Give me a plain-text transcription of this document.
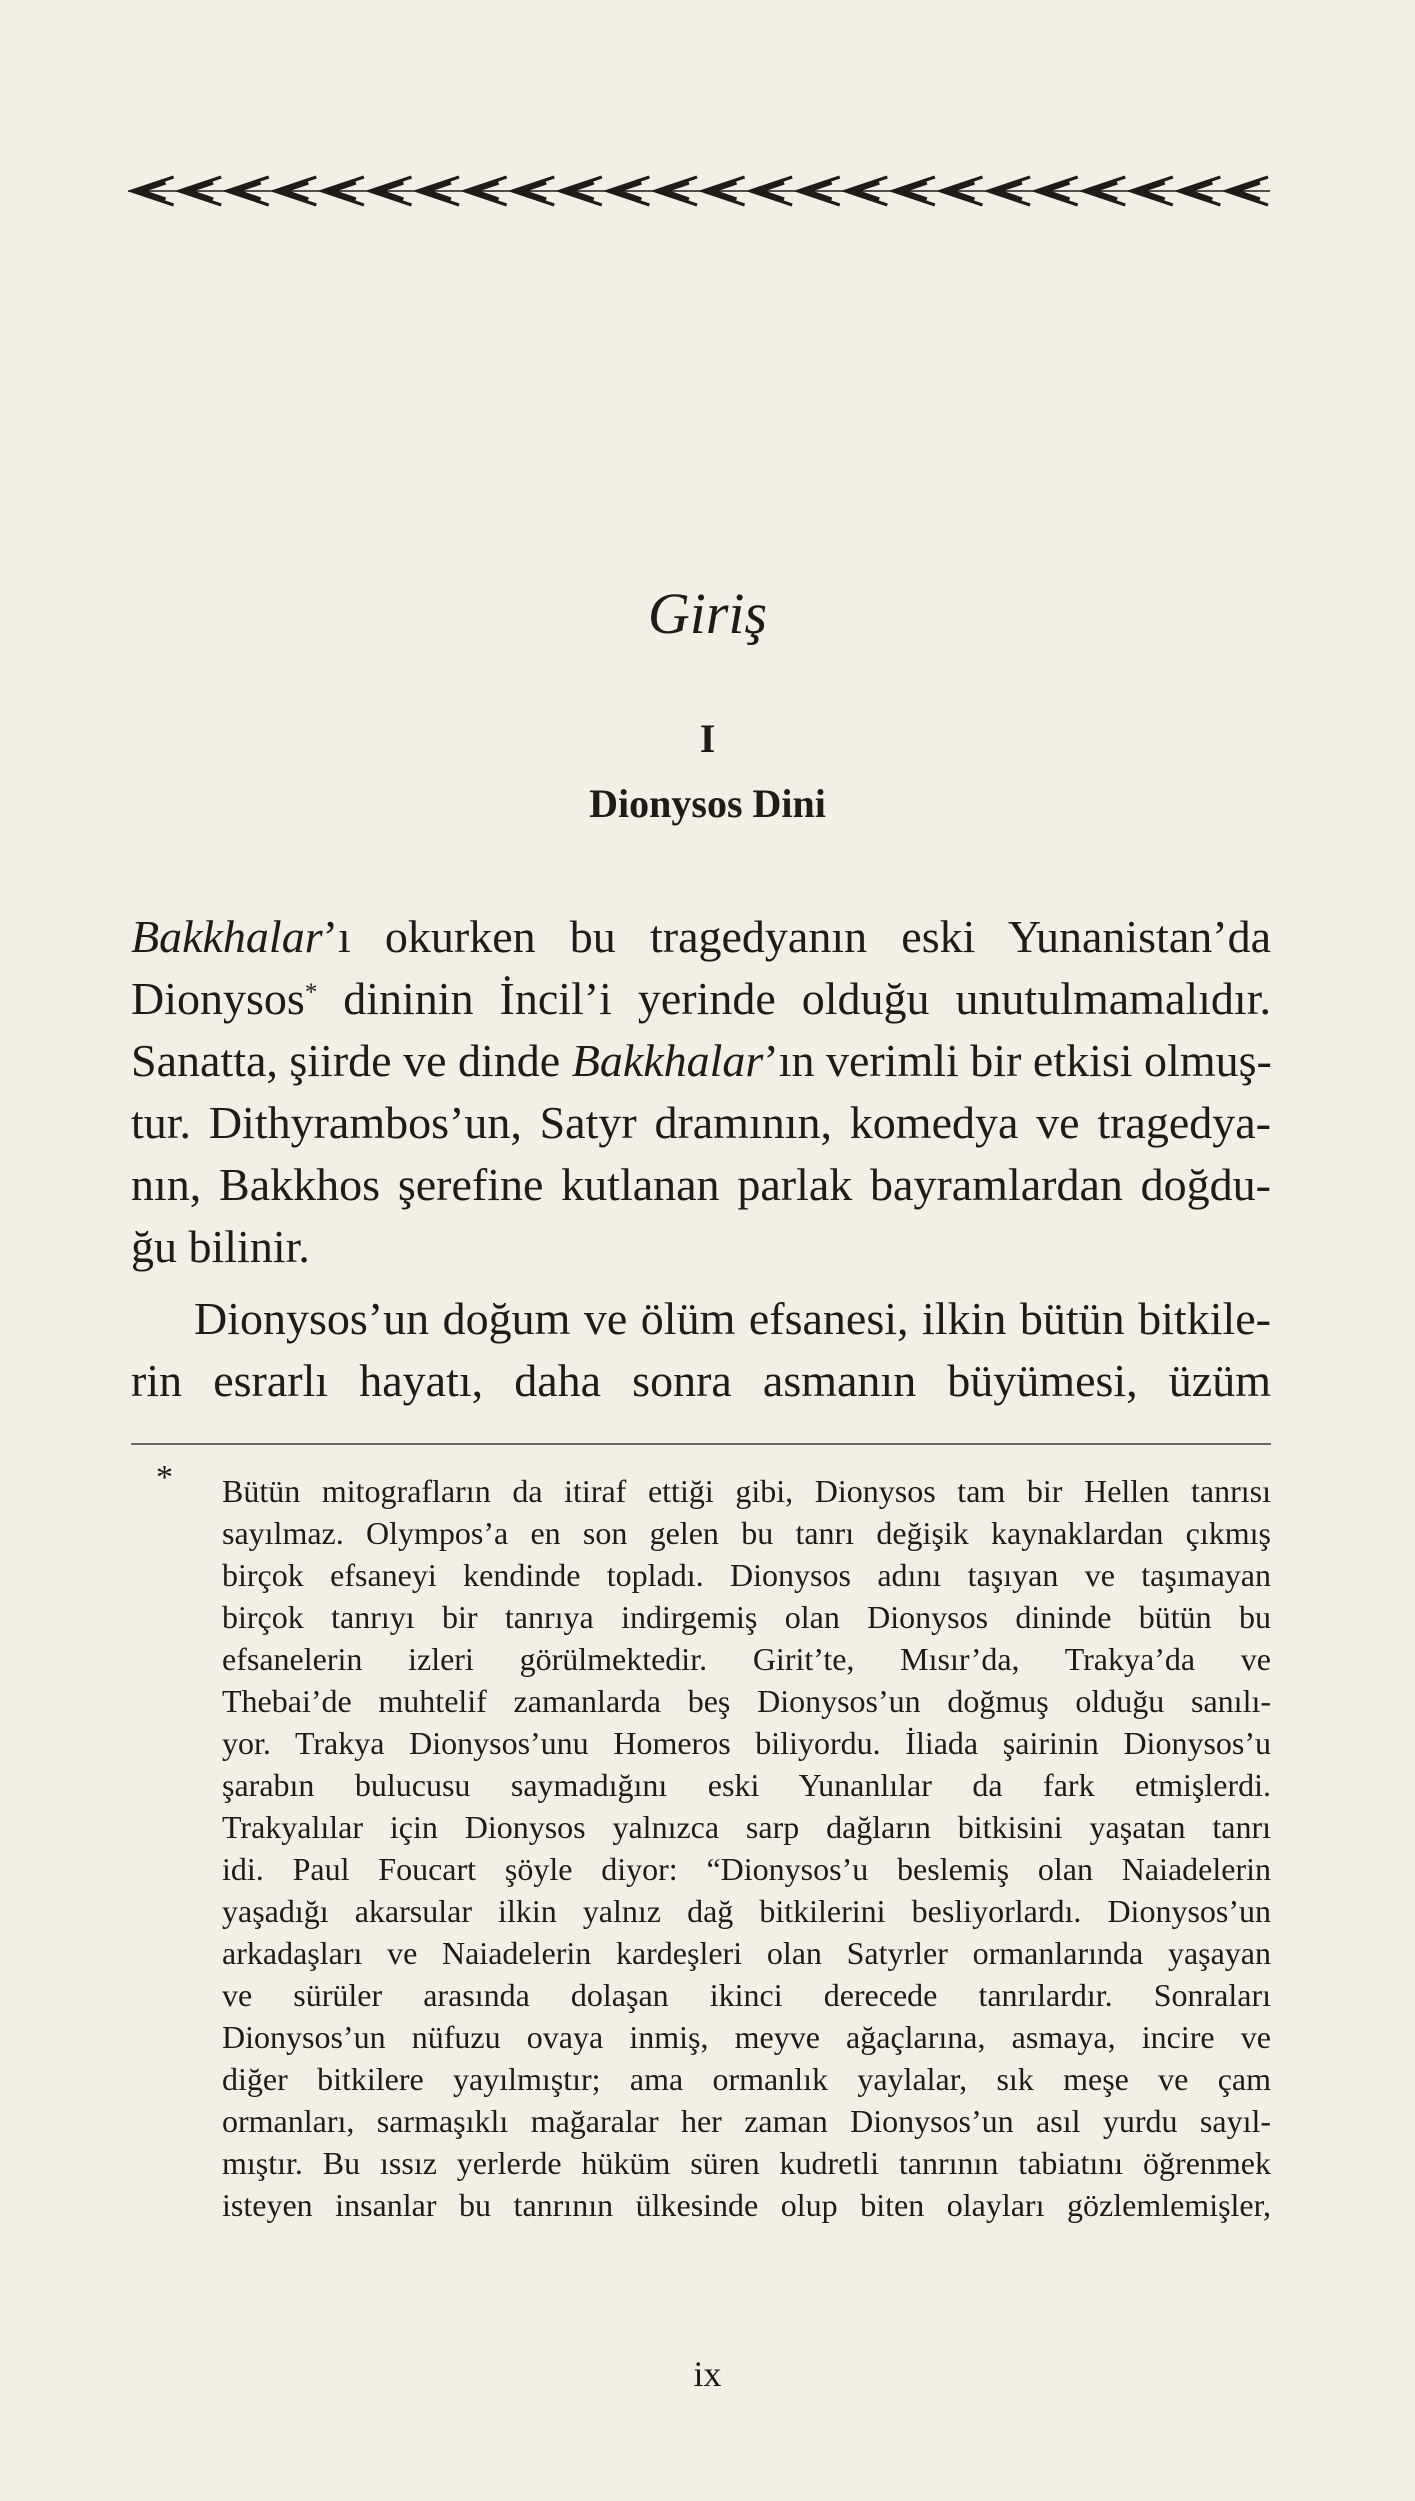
Giriş
I
Dionysos Dini
Bakkhalar’ı okurken bu tragedyanın eski Yunanistan’da
Dionysos* dininin İncil’i yerinde olduğu unutulmamalıdır.
Sanatta, şiirde ve dinde Bakkhalar’ın verimli bir etkisi olmuş-
tur. Dithyrambos’un, Satyr dramının, komedya ve tragedya-
nın, Bakkhos şerefine kutlanan parlak bayramlardan doğdu-
ğu bilinir.
Dionysos’un doğum ve ölüm efsanesi, ilkin bütün bitkile-
rin esrarlı hayatı, daha sonra asmanın büyümesi, üzüm
* Bütün mitografların da itiraf ettiği gibi, Dionysos tam bir Hellen tanrısı
sayılmaz. Olympos’a en son gelen bu tanrı değişik kaynaklardan çıkmış
birçok efsaneyi kendinde topladı. Dionysos adını taşıyan ve taşımayan
birçok tanrıyı bir tanrıya indirgemiş olan Dionysos dininde bütün bu
efsanelerin izleri görülmektedir. Girit’te, Mısır’da, Trakya’da ve
Thebai’de muhtelif zamanlarda beş Dionysos’un doğmuş olduğu sanılı-
yor. Trakya Dionysos’unu Homeros biliyordu. İliada şairinin Dionysos’u
şarabın bulucusu saymadığını eski Yunanlılar da fark etmişlerdi.
Trakyalılar için Dionysos yalnızca sarp dağların bitkisini yaşatan tanrı
idi. Paul Foucart şöyle diyor: “Dionysos’u beslemiş olan Naiadelerin
yaşadığı akarsular ilkin yalnız dağ bitkilerini besliyorlardı. Dionysos’un
arkadaşları ve Naiadelerin kardeşleri olan Satyrler ormanlarında yaşayan
ve sürüler arasında dolaşan ikinci derecede tanrılardır. Sonraları
Dionysos’un nüfuzu ovaya inmiş, meyve ağaçlarına, asmaya, incire ve
diğer bitkilere yayılmıştır; ama ormanlık yaylalar, sık meşe ve çam
ormanları, sarmaşıklı mağaralar her zaman Dionysos’un asıl yurdu sayıl-
mıştır. Bu ıssız yerlerde hüküm süren kudretli tanrının tabiatını öğrenmek
isteyen insanlar bu tanrının ülkesinde olup biten olayları gözlemlemişler,
ix
